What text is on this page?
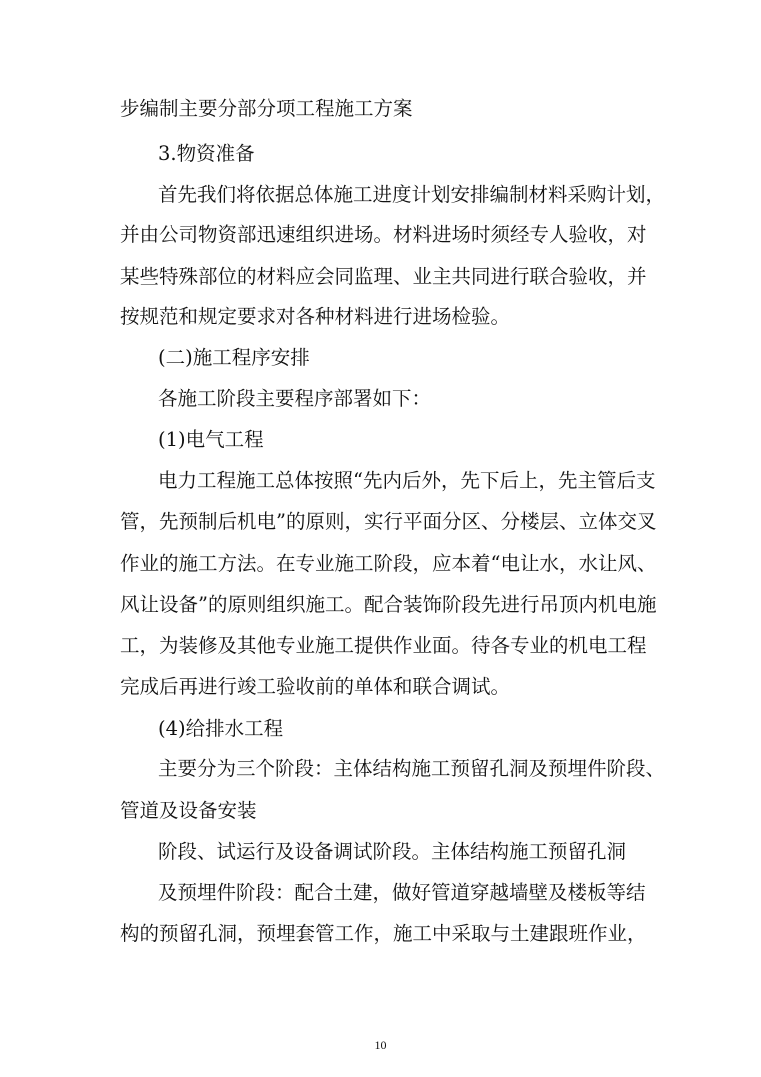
步编制主要分部分项工程施工方案

3.物资准备

首先我们将依据总体施工进度计划安排编制材料采购计划，

并由公司物资部迅速组织进场。材料进场时须经专人验收，对

某些特殊部位的材料应会同监理、业主共同进行联合验收，并

按规范和规定要求对各种材料进行进场检验。

(二)施工程序安排

各施工阶段主要程序部署如下：

(1)电气工程

电力工程施工总体按照“先内后外，先下后上，先主管后支

管，先预制后机电”的原则，实行平面分区、分楼层、立体交叉

作业的施工方法。在专业施工阶段，应本着“电让水，水让风、

风让设备”的原则组织施工。配合装饰阶段先进行吊顶内机电施

工，为装修及其他专业施工提供作业面。待各专业的机电工程

完成后再进行竣工验收前的单体和联合调试。

(4)给排水工程

主要分为三个阶段：主体结构施工预留孔洞及预埋件阶段、

管道及设备安装

阶段、试运行及设备调试阶段。主体结构施工预留孔洞

及预埋件阶段：配合土建，做好管道穿越墙壁及楼板等结

构的预留孔洞，预埋套管工作，施工中采取与土建跟班作业，

10
